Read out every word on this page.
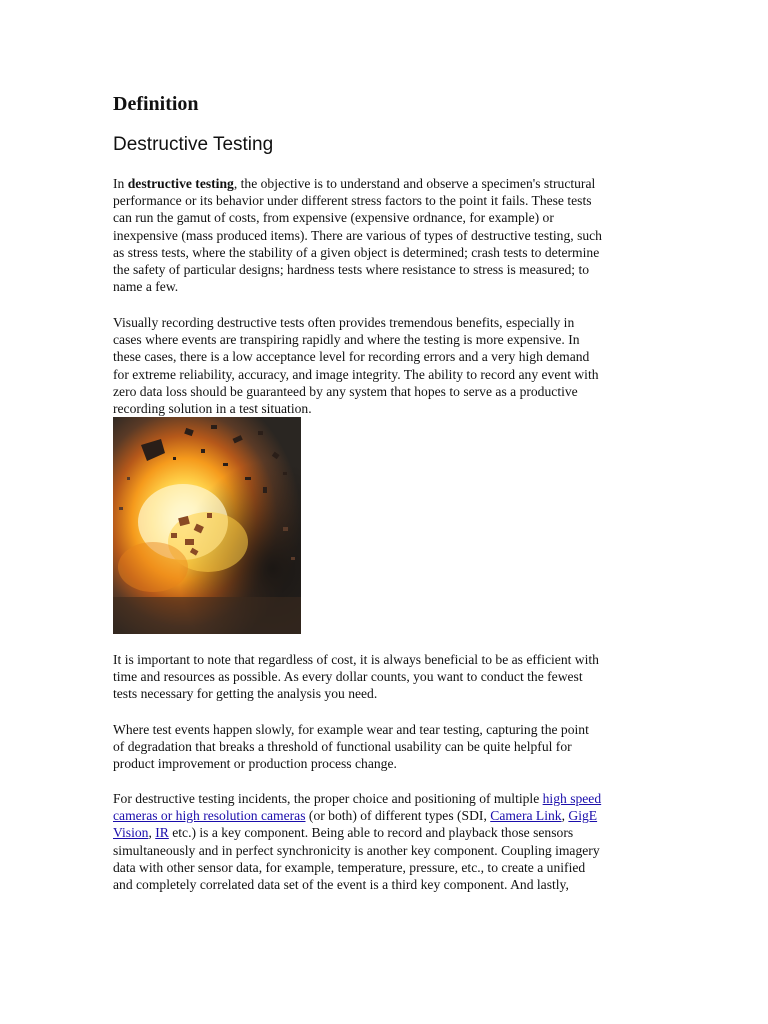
Definition
Destructive Testing

In destructive testing, the objective is to understand and observe a specimen's structural
performance or its behavior under different stress factors to the point it fails. These tests
can run the gamut of costs, from expensive (expensive ordnance, for example) or
inexpensive (mass produced items). There are various of types of destructive testing, such
as stress tests, where the stability of a given object is determined; crash tests to determine
the safety of particular designs; hardness tests where resistance to stress is measured; to
name a few.

Visually recording destructive tests often provides tremendous benefits, especially in
cases where events are transpiring rapidly and where the testing is more expensive. In
these cases, there is a low acceptance level for recording errors and a very high demand
for extreme reliability, accuracy, and image integrity. The ability to record any event with
zero data loss should be guaranteed by any system that hopes to serve as a productive
recording solution in a test situation.

It is important to note that regardless of cost, it is always beneficial to be as efficient with
time and resources as possible. As every dollar counts, you want to conduct the fewest
tests necessary for getting the analysis you need.

Where test events happen slowly, for example wear and tear testing, capturing the point
of degradation that breaks a threshold of functional usability can be quite helpful for
product improvement or production process change.

For destructive testing incidents, the proper choice and positioning of multiple high speed
cameras or high resolution cameras (or both) of different types (SDI, Camera Link, GigE
Vision, IR etc.) is a key component. Being able to record and playback those sensors
simultaneously and in perfect synchronicity is another key component. Coupling imagery
data with other sensor data, for example, temperature, pressure, etc., to create a unified
and completely correlated data set of the event is a third key component. And lastly,
